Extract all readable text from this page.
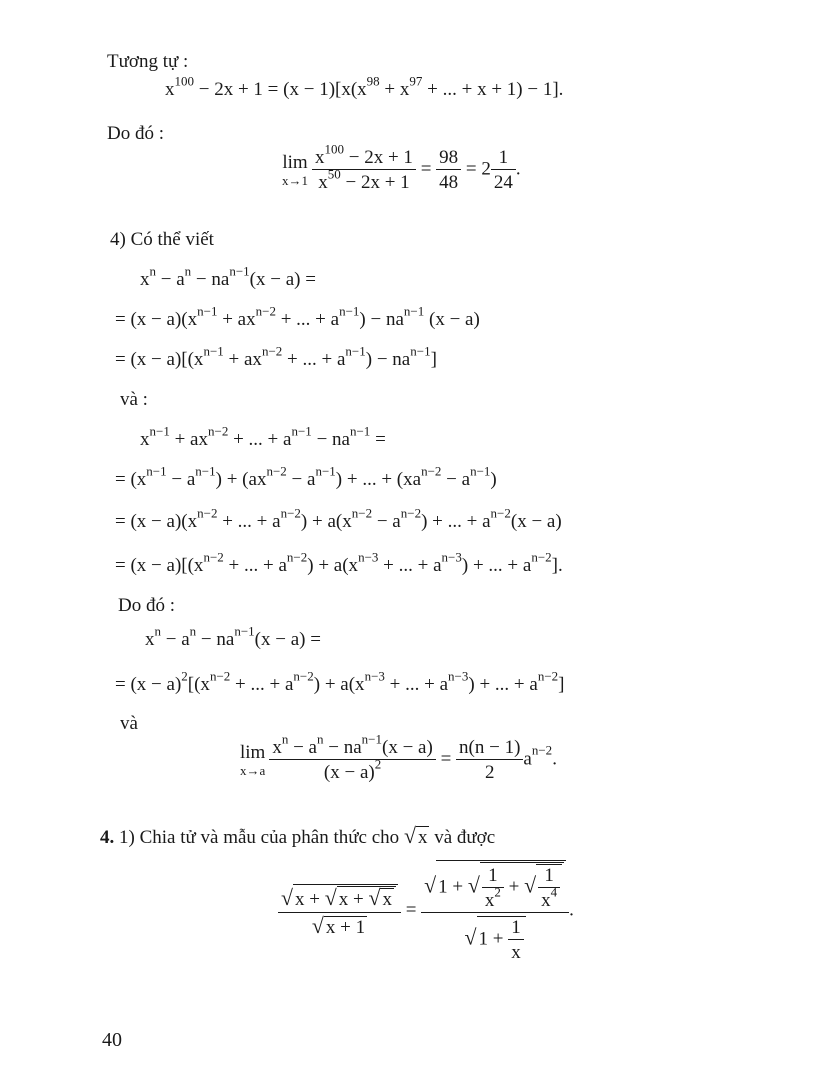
Tương tự :
$x^{100} - 2x + 1 = (x - 1)[x(x^{98} + x^{97}$ + ... + x + 1) − 1].
Do đó :
lim
$x\to 1 \frac{x^{100} - 2x + 1}{x^{50} - 2x + 1} = \frac{98}{48} = 2 \frac{1}{24}$ .
4) Có thể viết
$x^n - a^n - na^{n-1}(x - a)$ =
= $(x - a)(x^{n-1} + ax^{n-2}$ + ... + $a^{n-1}) - na^{n-1}$ (x − a)
= $(x - a)[(x^{n-1} + ax^{n-2}$ + ... + $a^{n-1}) - na^{n-1}$]
và :
$x^{n-1} + ax^{n-2}$ + ... + $a^{n-1} - na^{n-1}$ =
= $(x^{n-1} - a^{n-1}) + (ax^{n-2} - a^{n-1})$ + ... + $(xa^{n-2} - a^{n-1})$
= $(x - a)(x^{n-2}$ + ... + $a^{n-2}) + a(x^{n-2} - a^{n-2})$ + ... + $a^{n-2}(x - a)$
= $(x - a)[(x^{n-2}$ + ... + $a^{n-2}) + a(x^{n-3}$ + ... + $a^{n-3}$) + ... + $a^{n-2}$].
Do đó :
$x^n - a^n - na^{n-1}(x - a)$ =
= $(x - a)^2[(x^{n-2}$ + ... + $a^{n-2}) + a(x^{n-3}$ + ... + $a^{n-3}$) + ... + $a^{n-2}$]
và
lim
$x\to a \frac{x^n - a^n - na^{n-1}(x - a)}{(x - a)^2} = \frac{n(n - 1)}{2} a^{n-2}$.
4. 1) Chia tử và mẫu của phân thức cho √ x và được
$\frac{√ x + √ x + √ x}{√ x + 1} = \frac{√ 1 + √ \frac{1}{x^2} + √ \frac{1}{x^4}}{√ 1 + \frac{1}{x}}$ .
40
